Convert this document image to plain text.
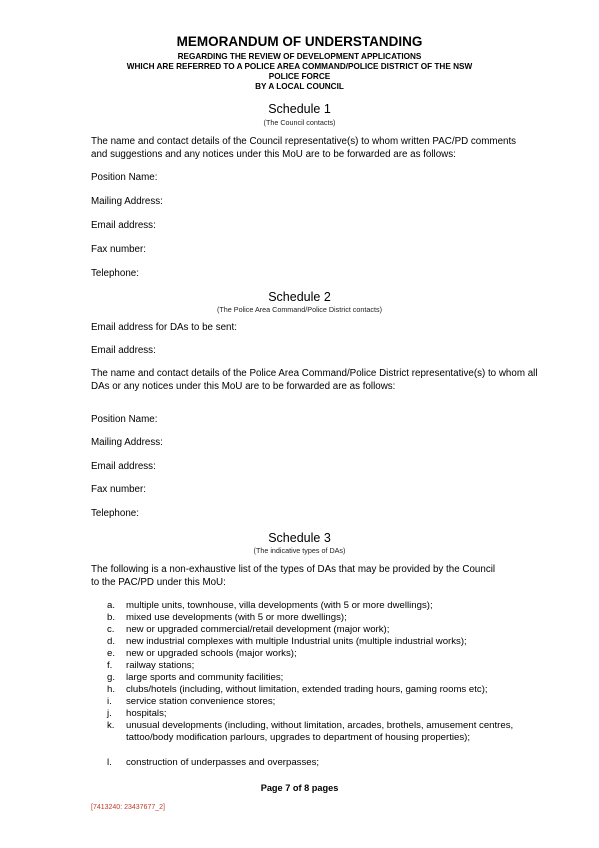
MEMORANDUM OF UNDERSTANDING
REGARDING THE REVIEW OF DEVELOPMENT APPLICATIONS
WHICH ARE REFERRED TO A POLICE AREA COMMAND/POLICE DISTRICT OF THE NSW
POLICE FORCE
BY A LOCAL COUNCIL
Schedule 1
(The Council contacts)
The name and contact details of the Council representative(s) to whom written PAC/PD comments
and suggestions and any notices under this MoU are to be forwarded are as follows:
Position Name:
Mailing Address:
Email address:
Fax number:
Telephone:
Schedule 2
(The Police Area Command/Police District contacts)
Email address for DAs to be sent:
Email address:
The name and contact details of the Police Area Command/Police District representative(s) to whom all
DAs or any notices under this MoU are to be forwarded are as follows:
Position Name:
Mailing Address:
Email address:
Fax number:
Telephone:
Schedule 3
(The indicative types of DAs)
The following is a non-exhaustive list of the types of DAs that may be provided by the Council
to the PAC/PD under this MoU:
a.	multiple units, townhouse, villa developments (with 5 or more dwellings);
b.	mixed use developments (with 5 or more dwellings);
c.	new or upgraded commercial/retail development (major work);
d.	new industrial complexes with multiple Industrial units (multiple industrial works);
e.	new or upgraded schools (major works);
f.	railway stations;
g.	large sports and community facilities;
h.	clubs/hotels (including, without limitation, extended trading hours, gaming rooms etc);
i.	service station convenience stores;
j.	hospitals;
k.	unusual developments (including, without limitation, arcades, brothels, amusement centres, tattoo/body modification parlours, upgrades to department of housing properties);
l.	construction of underpasses and overpasses;
Page 7 of 8 pages
[7413240: 23437677_2]
